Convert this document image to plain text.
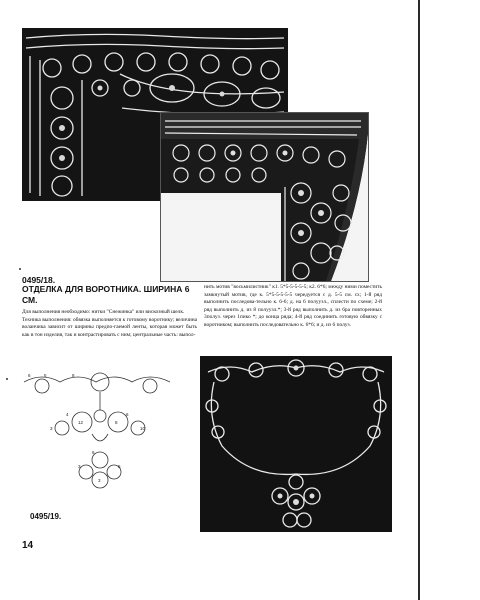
0495/18.
ОТДЕЛКА ДЛЯ ВОРОТНИКА. ШИРИНА 6 СМ.

Для выполнения необходимо: нитки "Снежинка" или вискозный шелк.

Техника выполнения: обвязка выполняется к готовому воротнику; величина воланчика зависит от ширины предпо-гаемой ленты, которая может быть как в тон изделия, так и контрастировать с ним; центральные часть: выпол-

нить мотив "восьмилистник" к1. 5*5-5-5-5-5; к2. 6*6; между ними поместить замкнутый мотив, где к. 5*5-5-5-5-5 чередуется с д. 5-5 см. сх; 1-й ряд выполнить последова-тельно к. 6-6; д. на 6 полуузл., сплести по схеме; 2-й ряд выполнить д. из 8 полуузл.*; 3-й ряд выполнить д. из 6ра повторенных 3полуз. через 1пико *; до конца ряда; 4-й ряд соединить готовую обвязку с воротником; выполнить последовательно к. 6*6; и д. из 6 полуз.

6	5	8
4	6
3
12	8
10
6
3	5
3
0495/19.
14
